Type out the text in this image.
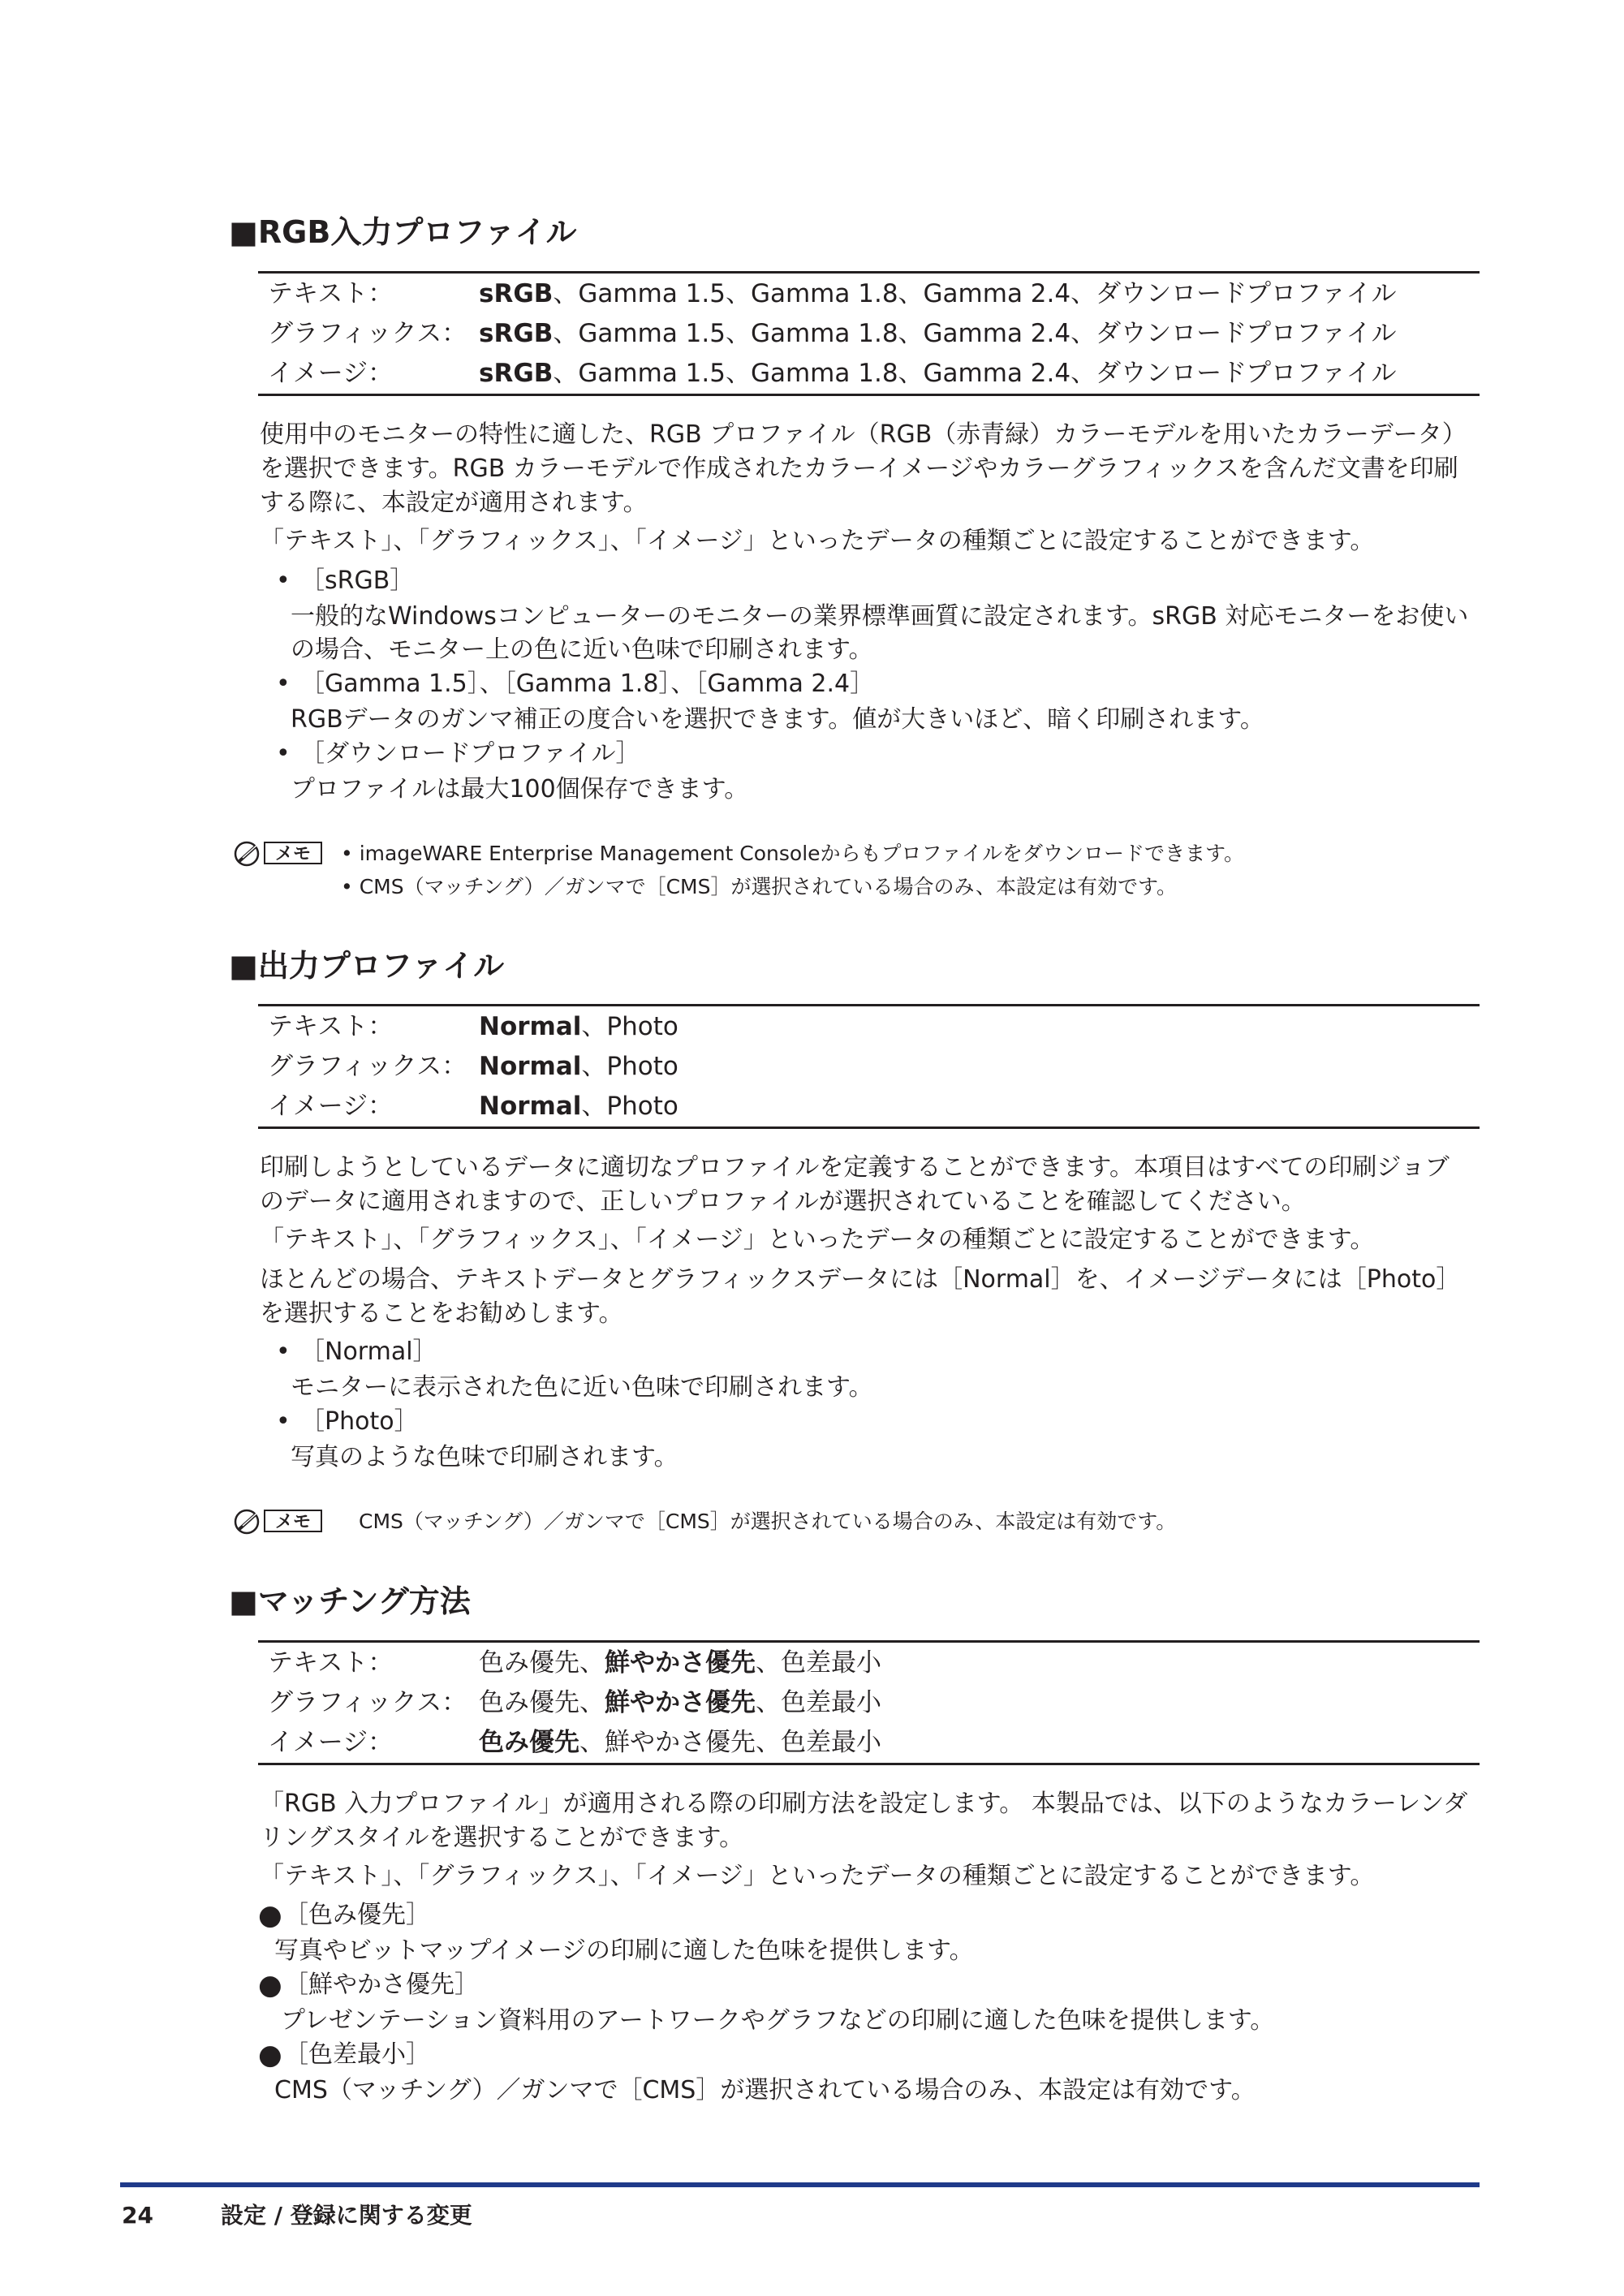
■RGB入力プロファイル
テキスト：	sRGB、Gamma 1.5、Gamma 1.8、Gamma 2.4、ダウンロードプロファイル
グラフィックス： sRGB、Gamma 1.5、Gamma 1.8、Gamma 2.4、ダウンロードプロファイル
イメージ：	sRGB、Gamma 1.5、Gamma 1.8、Gamma 2.4、ダウンロードプロファイル
使用中のモニターの特性に適した、RGB プロファイル（RGB（赤青緑）カラーモデルを用いたカラーデータ）
を選択できます。RGB カラーモデルで作成されたカラーイメージやカラーグラフィックスを含んだ文書を印刷
する際に、本設定が適用されます。
「テキスト」、「グラフィックス」、「イメージ」といったデータの種類ごとに設定することができます。
• ［sRGB］
一般的なWindowsコンピューターのモニターの業界標準画質に設定されます。sRGB 対応モニターをお使い
の場合、モニター上の色に近い色味で印刷されます。
• ［Gamma 1.5］、［Gamma 1.8］、［Gamma 2.4］
RGBデータのガンマ補正の度合いを選択できます。値が大きいほど、暗く印刷されます。
• ［ダウンロードプロファイル］
プロファイルは最大100個保存できます。
メモ	• imageWARE Enterprise Management Consoleからもプロファイルをダウンロードできます。
• CMS（マッチング）／ガンマで［CMS］が選択されている場合のみ、本設定は有効です。
■出力プロファイル
テキスト：	Normal、Photo
グラフィックス： Normal、Photo
イメージ：	Normal、Photo
印刷しようとしているデータに適切なプロファイルを定義することができます。本項目はすべての印刷ジョブ
のデータに適用されますので、正しいプロファイルが選択されていることを確認してください。
「テキスト」、「グラフィックス」、「イメージ」といったデータの種類ごとに設定することができます。
ほとんどの場合、テキストデータとグラフィックスデータには［Normal］を、イメージデータには［Photo］
を選択することをお勧めします。
• ［Normal］
モニターに表示された色に近い色味で印刷されます。
• ［Photo］
写真のような色味で印刷されます。
メモ	CMS（マッチング）／ガンマで［CMS］が選択されている場合のみ、本設定は有効です。
■マッチング方法
テキスト：	色み優先、鮮やかさ優先、色差最小
グラフィックス： 色み優先、鮮やかさ優先、色差最小
イメージ：	色み優先、鮮やかさ優先、色差最小
「RGB 入力プロファイル」が適用される際の印刷方法を設定します。 本製品では、以下のようなカラーレンダ
リングスタイルを選択することができます。
「テキスト」、「グラフィックス」、「イメージ」といったデータの種類ごとに設定することができます。
● ［色み優先］
写真やビットマップイメージの印刷に適した色味を提供します。
● ［鮮やかさ優先］
プレゼンテーション資料用のアートワークやグラフなどの印刷に適した色味を提供します。
● ［色差最小］
CMS（マッチング）／ガンマで［CMS］が選択されている場合のみ、本設定は有効です。
24	設定 / 登録に関する変更
